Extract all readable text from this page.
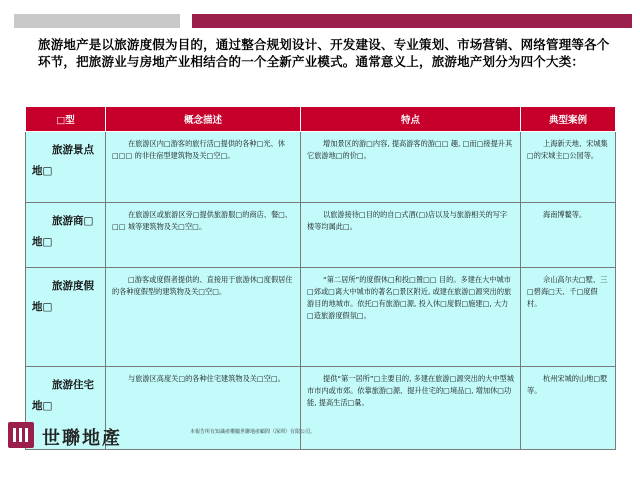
旅游地产是以旅游度假为目的，通过整合规划设计、开发建设、专业策划、市场营销、网络管理等各个环节，把旅游业与房地产业相结合的一个全新产业模式。通常意义上，旅游地产划分为四个大类：
□型	概念描述	特点	典型案例

旅游景点
地□	在旅游区内□游客的旅行活□提供的各种□光、休□□□ 的非住宿型建筑物及关□空□。	增加景区的游□内容, 提高游客的游□□ 趣, □而□接提升其它旅游地□的价□。	上海新天地、宋城集□的宋城主□公园等。

旅游商□
地□	在旅游区或旅游区旁□提供旅游服□的商店、餐□、□□ 城等建筑物及关□空□。	以旅游接待□目的的自□式酒(□)店以及与旅游相关的写字楼等均属此□。	海南博鳌等。

旅游度假
地□	□游客或度假者提供的、直接用于旅游休□度假居住的各种度假型的建筑物及关□空□。	“第二居所”的度假休□和投□置□□ 目的。多建在大中城市□郊或□离大中城市的著名□景区附近, 或建在旅游□源突出的旅游目的地城市。依托□有旅游□源, 投入休□度假□施建□, 大力□造旅游度假氛□。	佘山高尔夫□墅、三□碧海□天、千□度假村。

旅游住宅
地□	与旅游区高度关□的各种住宅建筑物及关□空□。	提供“第一居所”□主要目的, 多建在旅游□源突出的大中型城市市内或市郊。依靠旅游□源、提升住宅的□境品□, 增加休□功能, 提高生活□量。	杭州宋城的山地□墅等。
世聯地產	本報告所有知識產權屬世聯地產顧問（深圳）有限公司。
